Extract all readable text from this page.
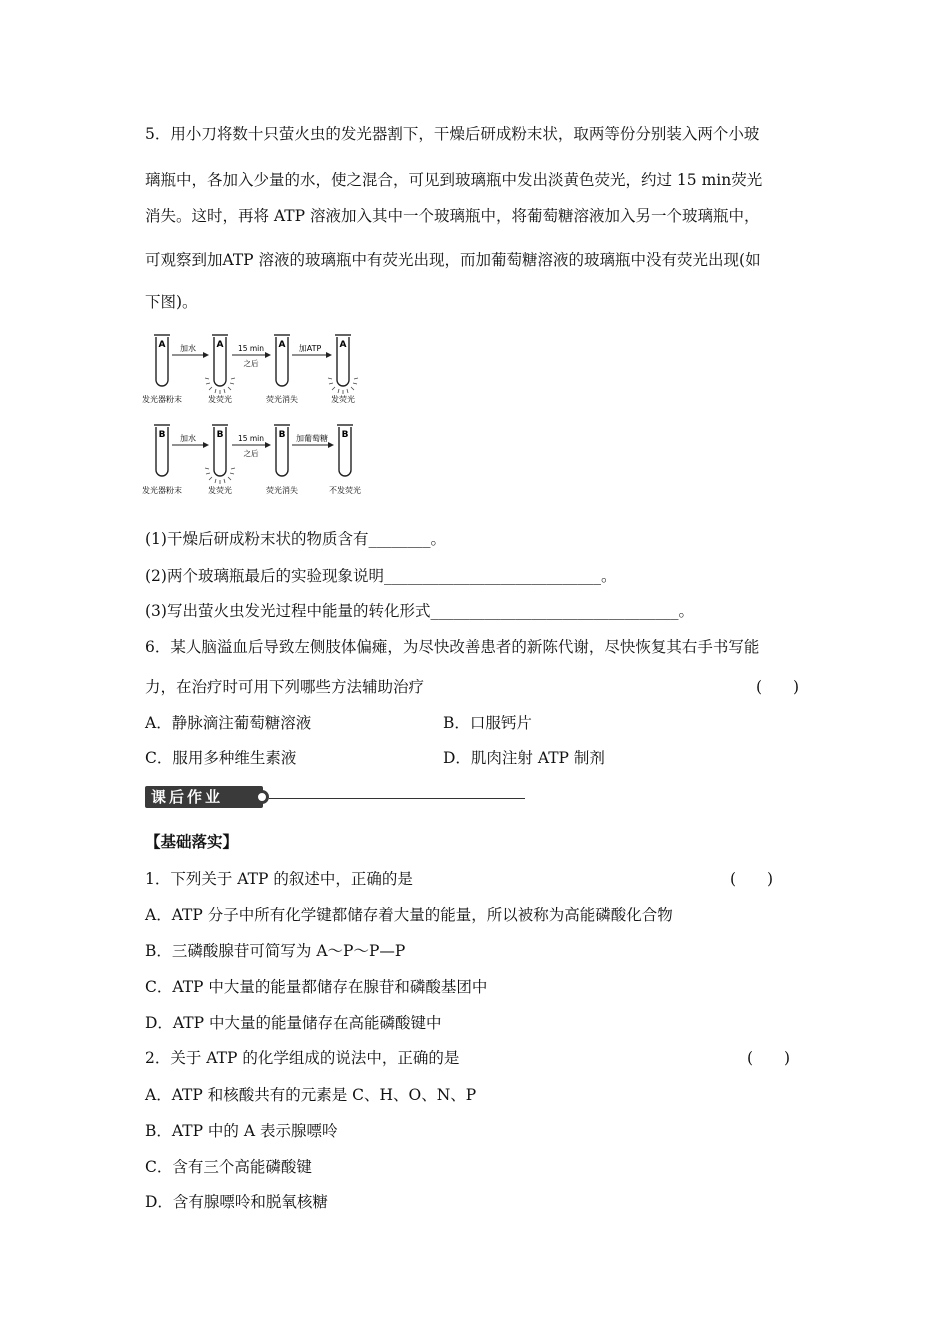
5．用小刀将数十只萤火虫的发光器割下，干燥后研成粉末状，取两等份分别装入两个小玻
璃瓶中，各加入少量的水，使之混合，可见到玻璃瓶中发出淡黄色荧光，约过 15 min荧光
消失。这时，再将 ATP 溶液加入其中一个玻璃瓶中，将葡萄糖溶液加入另一个玻璃瓶中，
可观察到加ATP 溶液的玻璃瓶中有荧光出现，而加葡萄糖溶液的玻璃瓶中没有荧光出现(如
下图)。
A	A	A	A
加水	15 min
之后
加ATP
发光器粉末	发荧光	荧光消失	发荧光
B	B	B	B
加水	15 min
之后
加葡萄糖
发光器粉末	发荧光	荧光消失	不发荧光
(1)干燥后研成粉末状的物质含有________。
(2)两个玻璃瓶最后的实验现象说明____________________________。
(3)写出萤火虫发光过程中能量的转化形式________________________________。
6．某人脑溢血后导致左侧肢体偏瘫，为尽快改善患者的新陈代谢，尽快恢复其右手书写能
力，在治疗时可用下列哪些方法辅助治疗	(　　)
A．静脉滴注葡萄糖溶液	B．口服钙片
C．服用多种维生素液	D．肌肉注射 ATP 制剂
课后作业
【基础落实】
1．下列关于 ATP 的叙述中，正确的是	(　　)
A．ATP 分子中所有化学键都储存着大量的能量，所以被称为高能磷酸化合物
B．三磷酸腺苷可简写为 A～P～P—P
C．ATP 中大量的能量都储存在腺苷和磷酸基团中
D．ATP 中大量的能量储存在高能磷酸键中
2．关于 ATP 的化学组成的说法中，正确的是	(　　)
A．ATP 和核酸共有的元素是 C、H、O、N、P
B．ATP 中的 A 表示腺嘌呤
C．含有三个高能磷酸键
D．含有腺嘌呤和脱氧核糖
